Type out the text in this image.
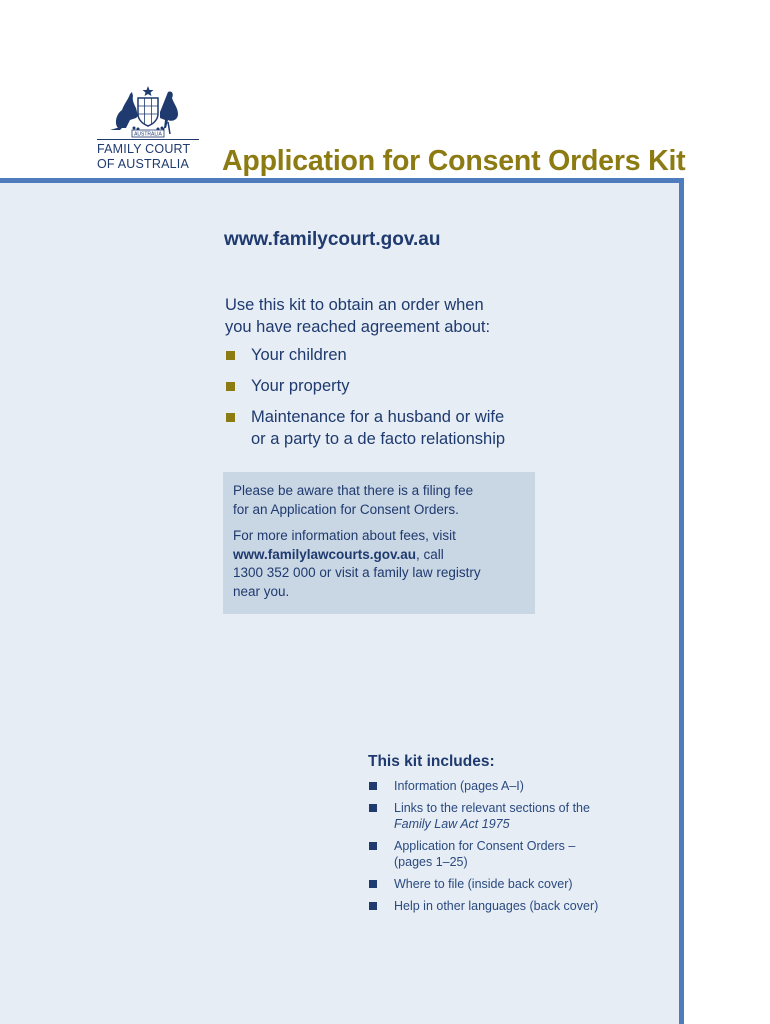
AUSTRALIA
FAMILY COURT
OF AUSTRALIA	Application for Consent Orders Kit
www.familycourt.gov.au
Use this kit to obtain an order when
you have reached agreement about:
Your children
Your property
Maintenance for a husband or wife
or a party to a de facto relationship

Please be aware that there is a filing fee
for an Application for Consent Orders.

For more information about fees, visit
www.familylawcourts.gov.au, call
1300 352 000 or visit a family law registry
near you.

This kit includes:
Information (pages A–I)
Links to the relevant sections of the
Family Law Act 1975
Application for Consent Orders –
(pages 1–25)
Where to file (inside back cover)
Help in other languages (back cover)
